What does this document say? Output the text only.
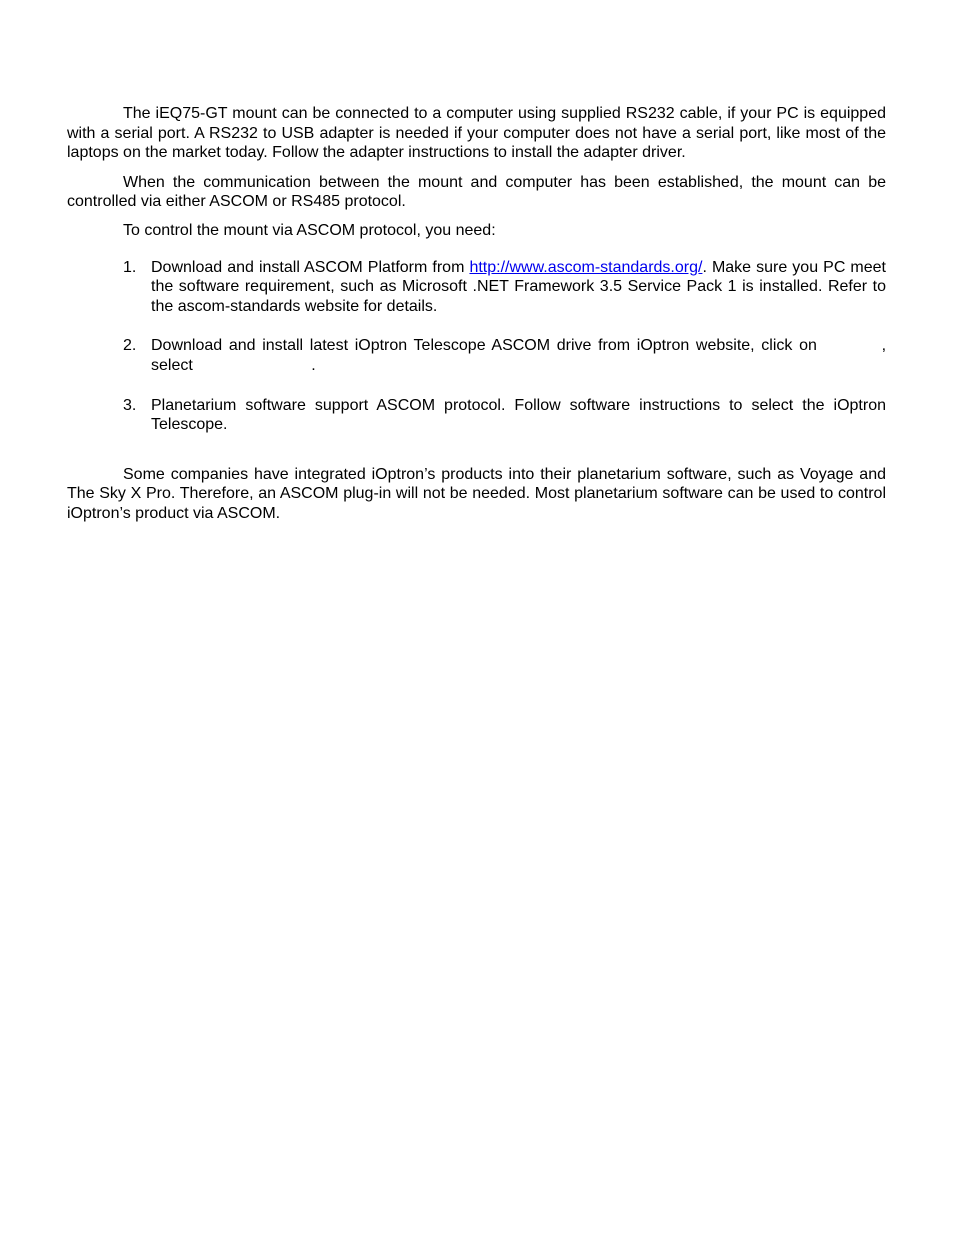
The iEQ75-GT mount can be connected to a computer using supplied RS232 cable, if your PC is equipped with a serial port. A RS232 to USB adapter is needed if your computer does not have a serial port, like most of the laptops on the market today. Follow the adapter instructions to install the adapter driver.

When the communication between the mount and computer has been established, the mount can be controlled via either ASCOM or RS485 protocol.

To control the mount via ASCOM protocol, you need:

1. Download and install ASCOM Platform from http://www.ascom-standards.org/. Make sure you PC meet the software requirement, such as Microsoft .NET Framework 3.5 Service Pack 1 is installed. Refer to the ascom-standards website for details.
2. Download and install latest iOptron Telescope ASCOM drive from iOptron website, click on	, select	.
3. Planetarium software support ASCOM protocol. Follow software instructions to select the iOptron Telescope.

Some companies have integrated iOptron’s products into their planetarium software, such as Voyage and The Sky X Pro. Therefore, an ASCOM plug-in will not be needed. Most planetarium software can be used to control iOptron’s product via ASCOM.
